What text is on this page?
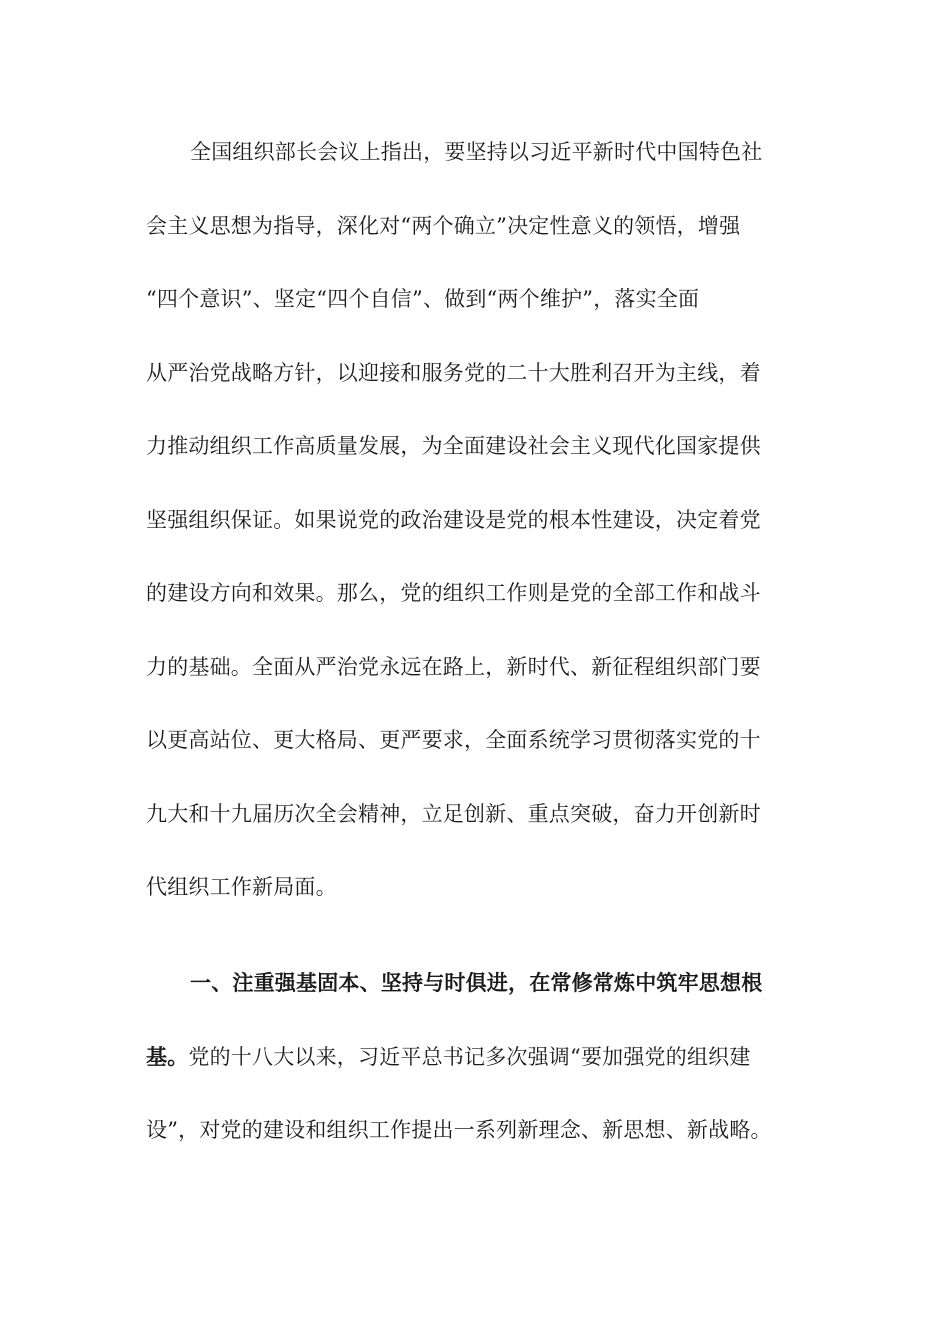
全国组织部长会议上指出，要坚持以习近平新时代中国特色社
会主义思想为指导，深化对“两个确立”决定性意义的领悟，增强
“四个意识”、坚定“四个自信”、做到“两个维护”，落实全面
从严治党战略方针，以迎接和服务党的二十大胜利召开为主线，着
力推动组织工作高质量发展，为全面建设社会主义现代化国家提供
坚强组织保证。如果说党的政治建设是党的根本性建设，决定着党
的建设方向和效果。那么，党的组织工作则是党的全部工作和战斗
力的基础。全面从严治党永远在路上，新时代、新征程组织部门要
以更高站位、更大格局、更严要求，全面系统学习贯彻落实党的十
九大和十九届历次全会精神，立足创新、重点突破，奋力开创新时
代组织工作新局面。
一、注重强基固本、坚持与时俱进，在常修常炼中筑牢思想根
基。党的十八大以来，习近平总书记多次强调“要加强党的组织建
设”，对党的建设和组织工作提出一系列新理念、新思想、新战略。
